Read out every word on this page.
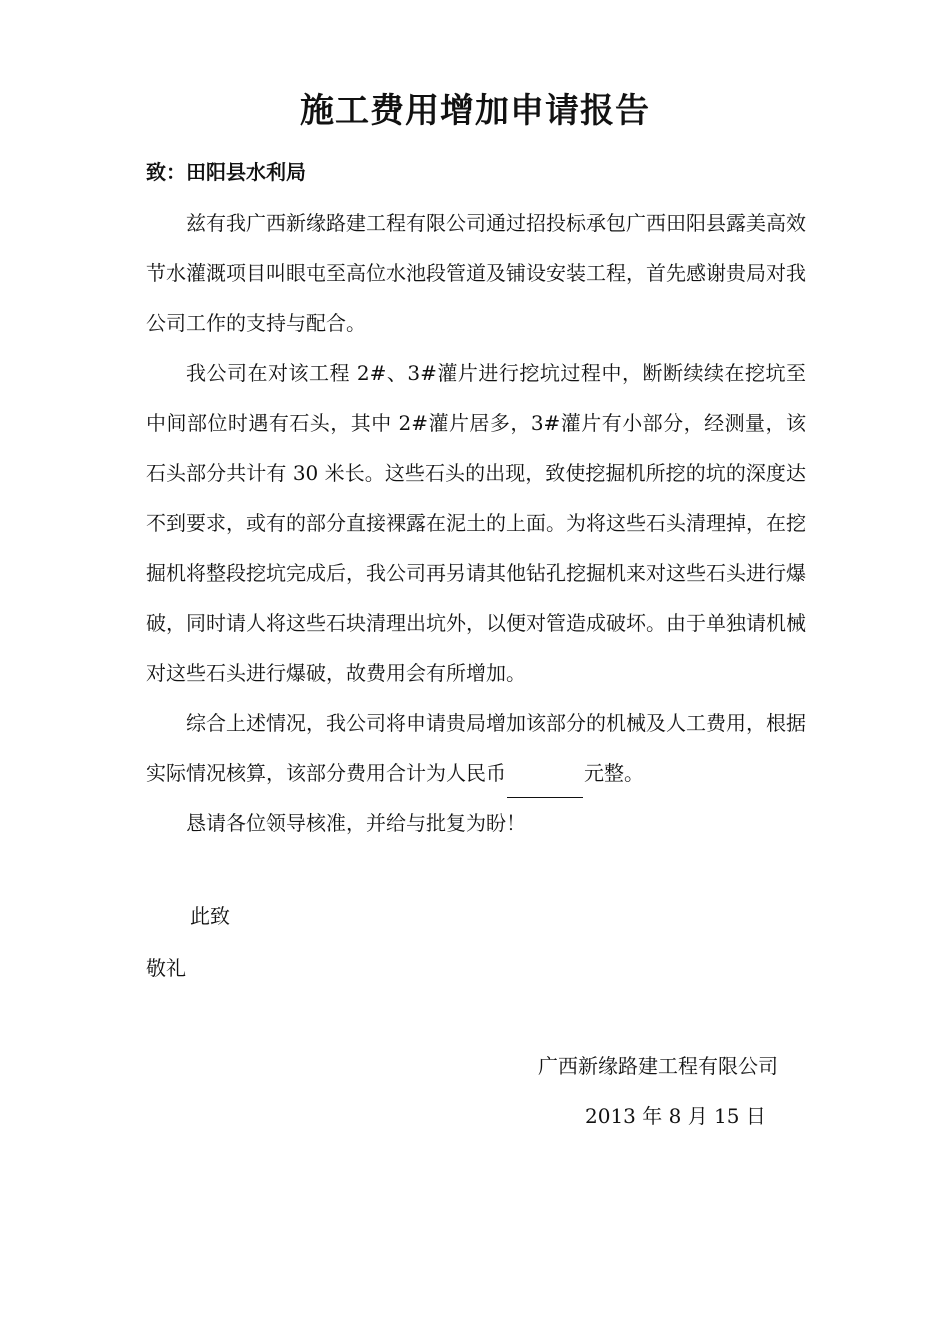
施工费用增加申请报告
致：田阳县水利局

兹有我广西新缘路建工程有限公司通过招投标承包广西田阳县露美高效节水灌溉项目叫眼屯至高位水池段管道及铺设安装工程，首先感谢贵局对我公司工作的支持与配合。

我公司在对该工程 2#、3#灌片进行挖坑过程中，断断续续在挖坑至中间部位时遇有石头，其中 2#灌片居多，3#灌片有小部分，经测量，该石头部分共计有 30 米长。这些石头的出现，致使挖掘机所挖的坑的深度达不到要求，或有的部分直接裸露在泥土的上面。为将这些石头清理掉，在挖掘机将整段挖坑完成后，我公司再另请其他钻孔挖掘机来对这些石头进行爆破，同时请人将这些石块清理出坑外，以便对管造成破坏。由于单独请机械对这些石头进行爆破，故费用会有所增加。

综合上述情况，我公司将申请贵局增加该部分的机械及人工费用，根据实际情况核算，该部分费用合计为人民币	元整。

恳请各位领导核准，并给与批复为盼！

此致
敬礼
广西新缘路建工程有限公司
2013 年 8 月 15 日
